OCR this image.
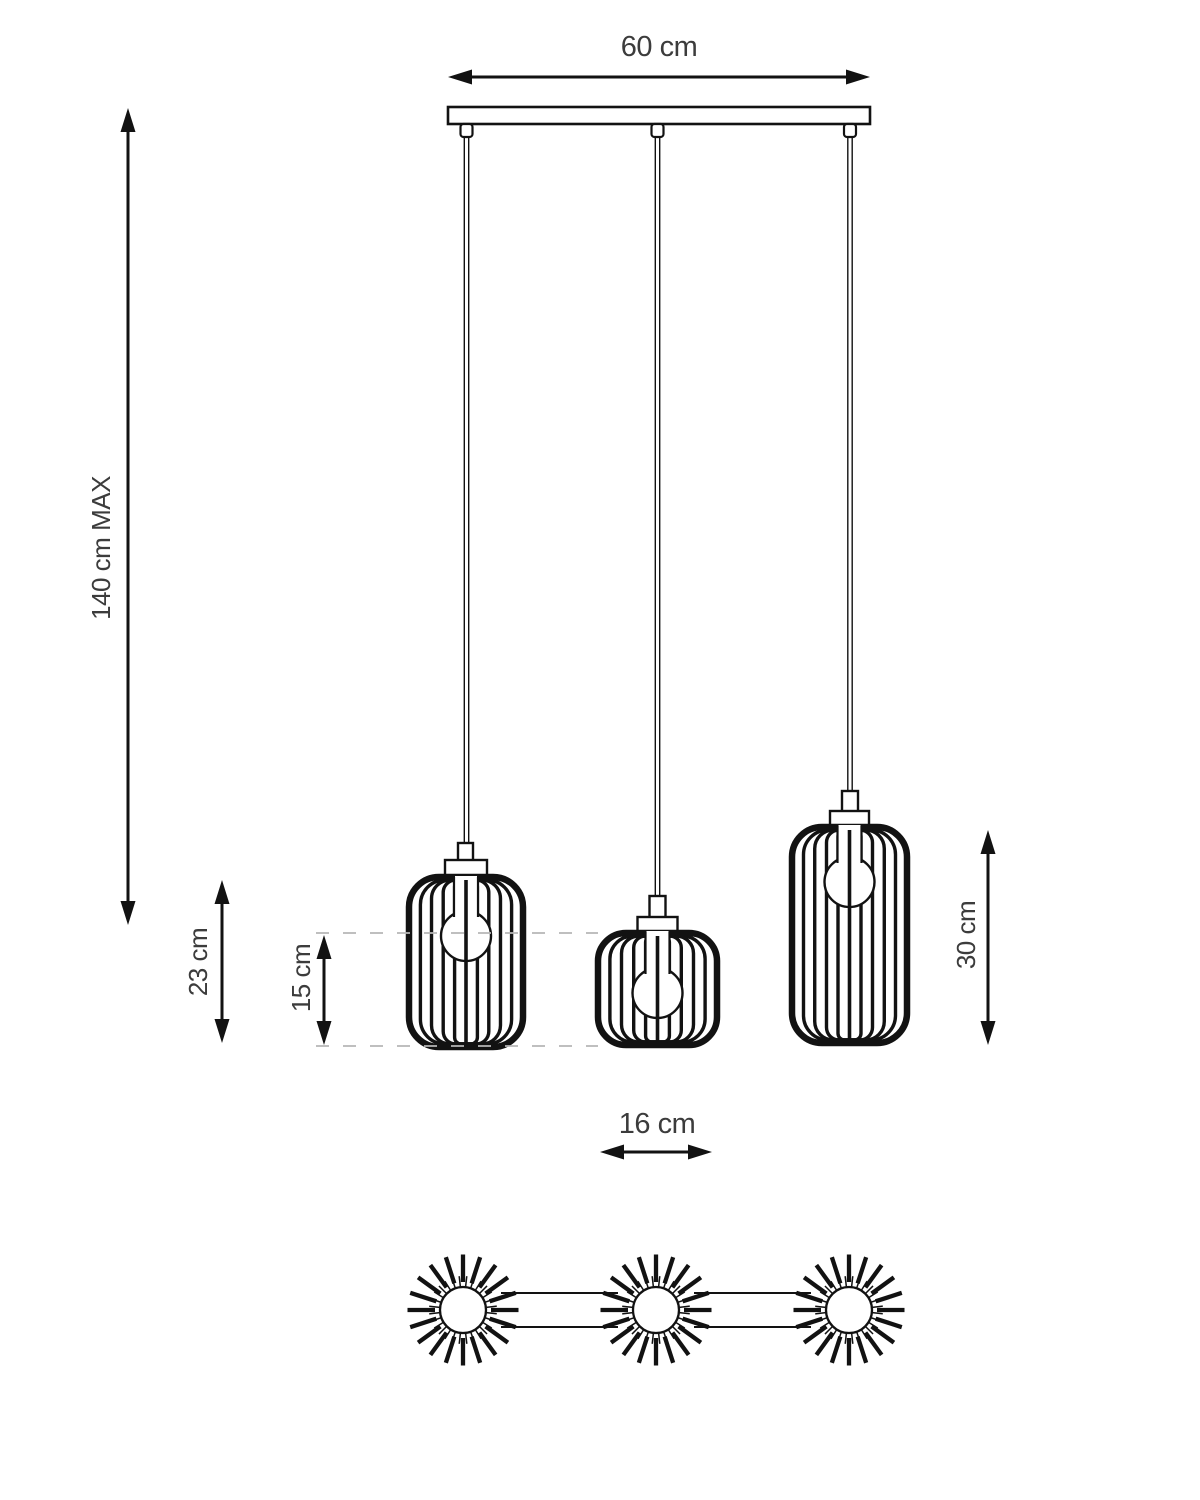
60 cm
140 cm MAX
23 cm	15 cm
30 cm
16 cm
